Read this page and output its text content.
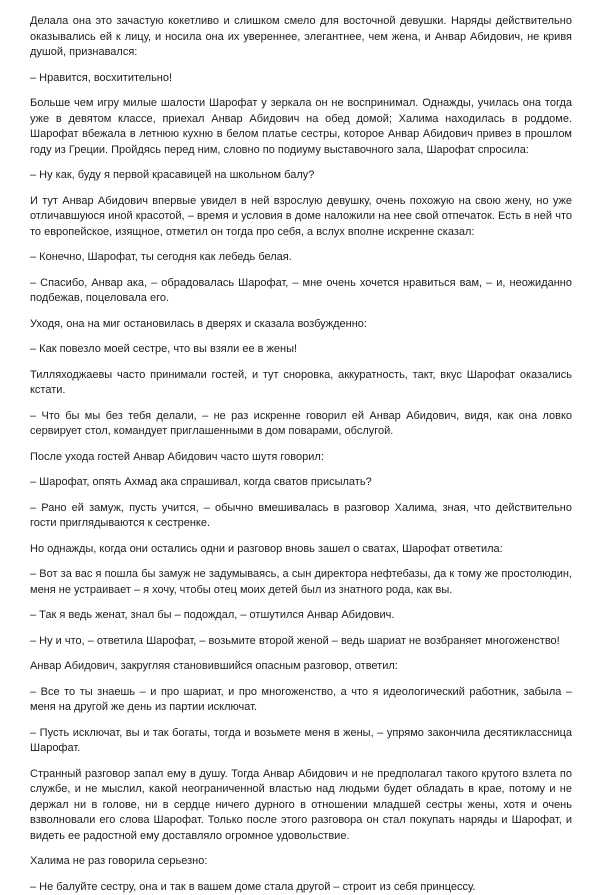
Делала она это зачастую кокетливо и слишком смело для восточной девушки. Наряды действительно оказывались ей к лицу, и носила она их увереннее, элегантнее, чем жена, и Анвар Абидович, не кривя душой, признавался:

– Нравится, восхитительно!

Больше чем игру милые шалости Шарофат у зеркала он не воспринимал. Однажды, училась она тогда уже в девятом классе, приехал Анвар Абидович на обед домой; Халима находилась в роддоме. Шарофат вбежала в летнюю кухню в белом платье сестры, которое Анвар Абидович привез в прошлом году из Греции. Пройдясь перед ним, словно по подиуму выставочного зала, Шарофат спросила:

– Ну как, буду я первой красавицей на школьном балу?

И тут Анвар Абидович впервые увидел в ней взрослую девушку, очень похожую на свою жену, но уже отличавшуюся иной красотой, – время и условия в доме наложили на нее свой отпечаток. Есть в ней что то европейское, изящное, отметил он тогда про себя, а вслух вполне искренне сказал:

– Конечно, Шарофат, ты сегодня как лебедь белая.

– Спасибо, Анвар ака, – обрадовалась Шарофат, – мне очень хочется нравиться вам, – и, неожиданно подбежав, поцеловала его.

Уходя, она на миг остановилась в дверях и сказала возбужденно:

– Как повезло моей сестре, что вы взяли ее в жены!

Тилляходжаевы часто принимали гостей, и тут сноровка, аккуратность, такт, вкус Шарофат оказались кстати.

– Что бы мы без тебя делали, – не раз искренне говорил ей Анвар Абидович, видя, как она ловко сервирует стол, командует приглашенными в дом поварами, обслугой.

После ухода гостей Анвар Абидович часто шутя говорил:

– Шарофат, опять Ахмад ака спрашивал, когда сватов присылать?

– Рано ей замуж, пусть учится, – обычно вмешивалась в разговор Халима, зная, что действительно гости приглядываются к сестренке.

Но однажды, когда они остались одни и разговор вновь зашел о сватах, Шарофат ответила:

– Вот за вас я пошла бы замуж не задумываясь, а сын директора нефтебазы, да к тому же простолюдин, меня не устраивает – я хочу, чтобы отец моих детей был из знатного рода, как вы.

– Так я ведь женат, знал бы – подождал, – отшутился Анвар Абидович.

– Ну и что, – ответила Шарофат, – возьмите второй женой – ведь шариат не возбраняет многоженство!

Анвар Абидович, закругляя становившийся опасным разговор, ответил:

– Все то ты знаешь – и про шариат, и про многоженство, а что я идеологический работник, забыла – меня на другой же день из партии исключат.

– Пусть исключат, вы и так богаты, тогда и возьмете меня в жены, – упрямо закончила десятиклассница Шарофат.

Странный разговор запал ему в душу. Тогда Анвар Абидович и не предполагал такого крутого взлета по службе, и не мыслил, какой неограниченной властью над людьми будет обладать в крае, потому и не держал ни в голове, ни в сердце ничего дурного в отношении младшей сестры жены, хотя и очень взволновали его слова Шарофат. Только после этого разговора он стал покупать наряды и Шарофат, и видеть ее радостной ему доставляло огромное удовольствие.

Халима не раз говорила серьезно:

– Не балуйте сестру, она и так в вашем доме стала другой – строит из себя принцессу.
